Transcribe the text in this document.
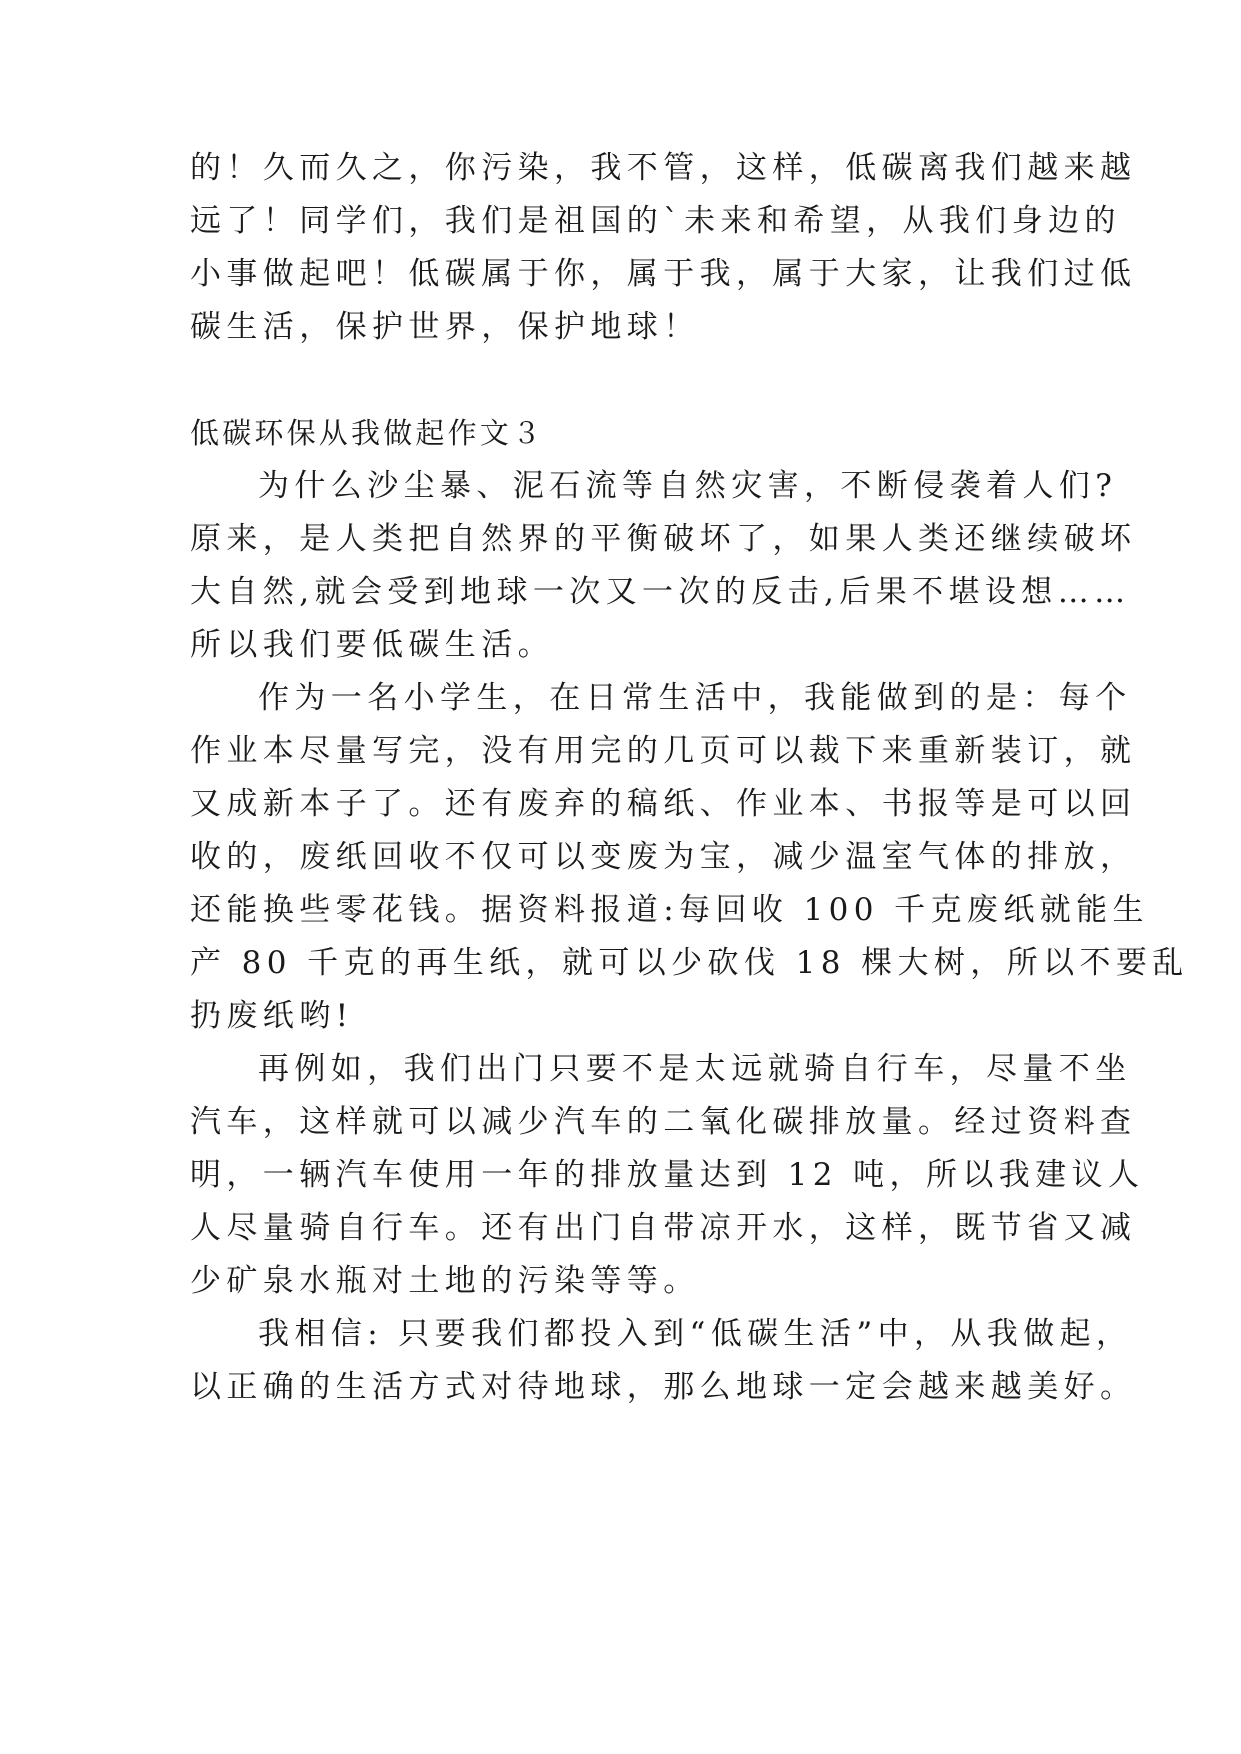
的！久而久之，你污染，我不管，这样，低碳离我们越来越
远了！同学们，我们是祖国的`未来和希望，从我们身边的
小事做起吧！低碳属于你，属于我，属于大家，让我们过低
碳生活，保护世界，保护地球！
低碳环保从我做起作文３
为什么沙尘暴、泥石流等自然灾害，不断侵袭着人们?
原来，是人类把自然界的平衡破坏了，如果人类还继续破坏
大自然,就会受到地球一次又一次的反击,后果不堪设想……
所以我们要低碳生活。
作为一名小学生，在日常生活中，我能做到的是：每个
作业本尽量写完，没有用完的几页可以裁下来重新装订，就
又成新本子了。还有废弃的稿纸、作业本、书报等是可以回
收的，废纸回收不仅可以变废为宝，减少温室气体的排放，
还能换些零花钱。据资料报道:每回收 100 千克废纸就能生
产 80 千克的再生纸，就可以少砍伐 18 棵大树，所以不要乱
扔废纸哟!
再例如，我们出门只要不是太远就骑自行车，尽量不坐
汽车，这样就可以减少汽车的二氧化碳排放量。经过资料查
明，一辆汽车使用一年的排放量达到 12 吨，所以我建议人
人尽量骑自行车。还有出门自带凉开水，这样，既节省又减
少矿泉水瓶对土地的污染等等。
我相信: 只要我们都投入到“低碳生活”中，从我做起，
以正确的生活方式对待地球，那么地球一定会越来越美好。
